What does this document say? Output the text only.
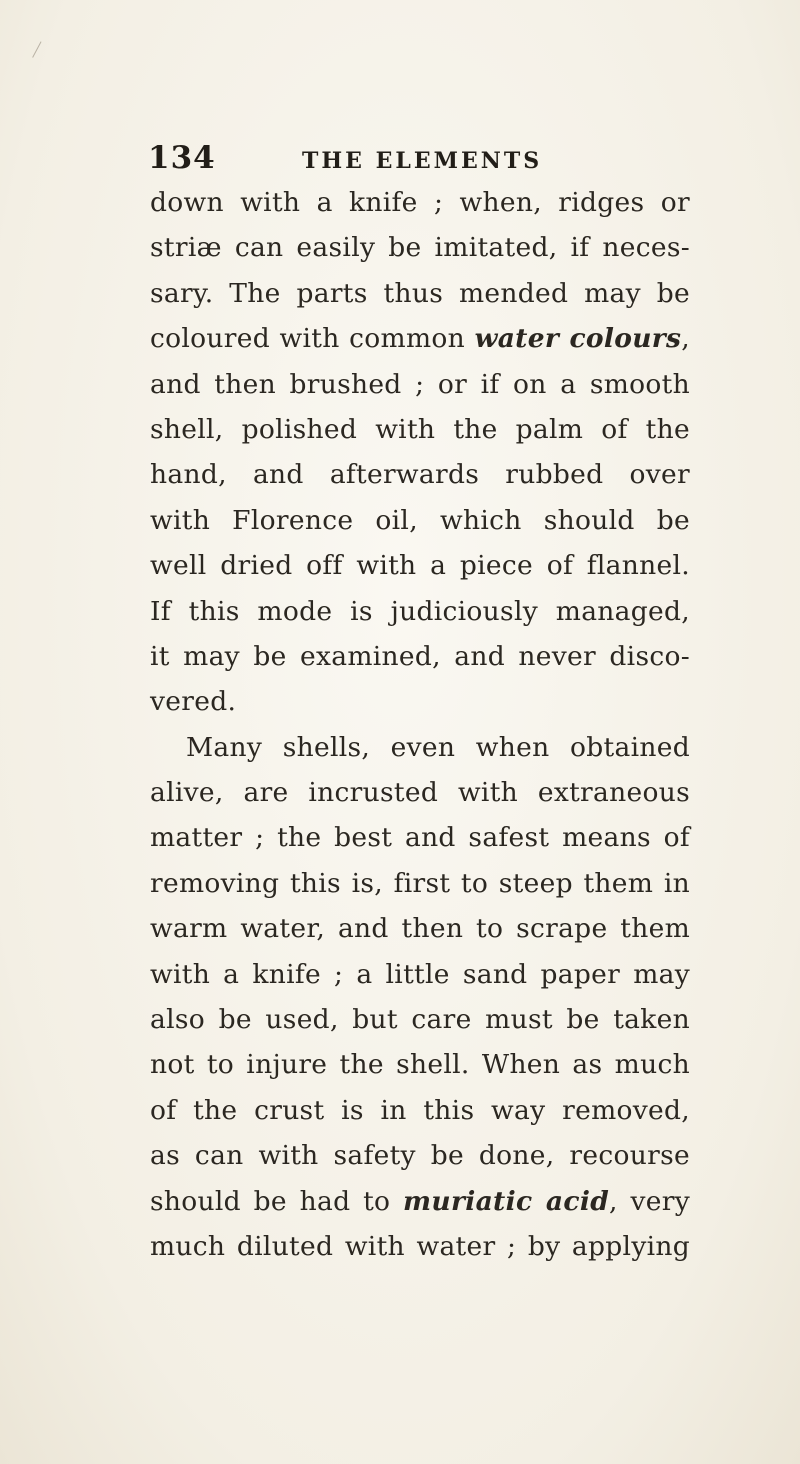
134	THE ELEMENTS
down with a knife ; when, ridges or
striæ can easily be imitated, if neces-
sary. The parts thus mended may be
coloured with common water colours,
and then brushed ; or if on a smooth
shell, polished with the palm of the
hand, and afterwards rubbed over
with Florence oil, which should be
well dried off with a piece of flannel.
If this mode is judiciously managed,
it may be examined, and never disco-
vered.
Many shells, even when obtained
alive, are incrusted with extraneous
matter ; the best and safest means of
removing this is, first to steep them in
warm water, and then to scrape them
with a knife ; a little sand paper may
also be used, but care must be taken
not to injure the shell. When as much
of the crust is in this way removed,
as can with safety be done, recourse
should be had to muriatic acid, very
much diluted with water ; by applying
